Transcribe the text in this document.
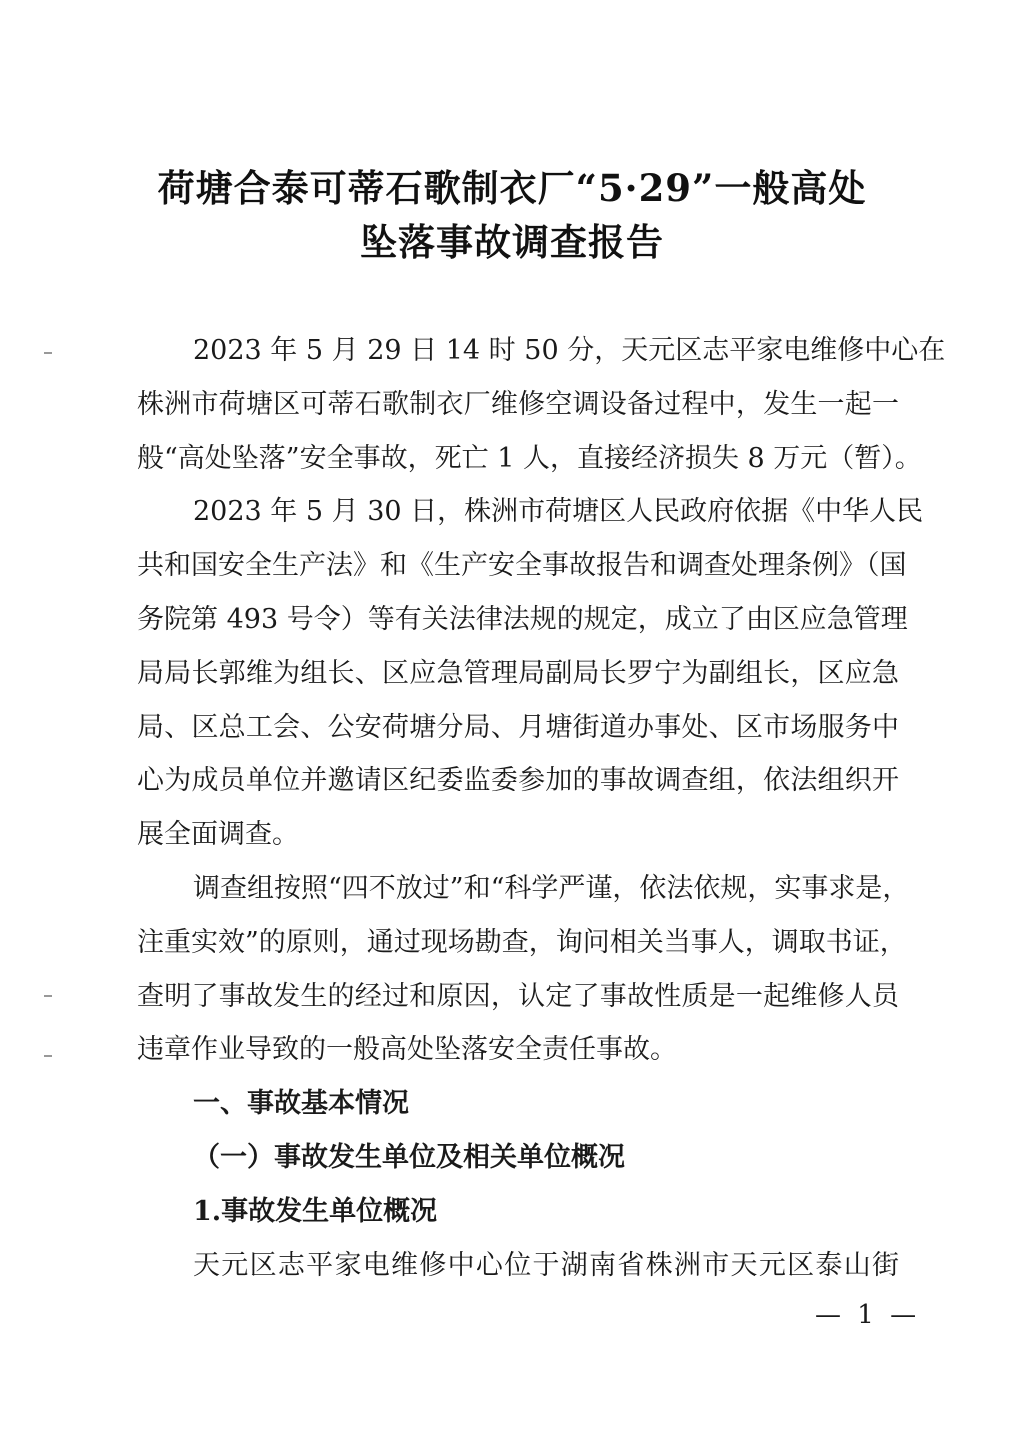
荷塘合泰可蒂石歌制衣厂“5·29”一般高处
坠落事故调查报告
2023 年 5 月 29 日 14 时 50 分，天元区志平家电维修中心在
株洲市荷塘区可蒂石歌制衣厂维修空调设备过程中，发生一起一
般“高处坠落”安全事故，死亡 1 人，直接经济损失 8 万元（暂）。
2023 年 5 月 30 日，株洲市荷塘区人民政府依据《中华人民
共和国安全生产法》和《生产安全事故报告和调查处理条例》（国
务院第 493 号令）等有关法律法规的规定，成立了由区应急管理
局局长郭维为组长、区应急管理局副局长罗宁为副组长，区应急
局、区总工会、公安荷塘分局、月塘街道办事处、区市场服务中
心为成员单位并邀请区纪委监委参加的事故调查组，依法组织开
展全面调查。
调查组按照“四不放过”和“科学严谨，依法依规，实事求是，
注重实效”的原则，通过现场勘查，询问相关当事人，调取书证，
查明了事故发生的经过和原因，认定了事故性质是一起维修人员
违章作业导致的一般高处坠落安全责任事故。
一、事故基本情况
（一）事故发生单位及相关单位概况
1.事故发生单位概况
天元区志平家电维修中心位于湖南省株洲市天元区泰山街
— 1 —
